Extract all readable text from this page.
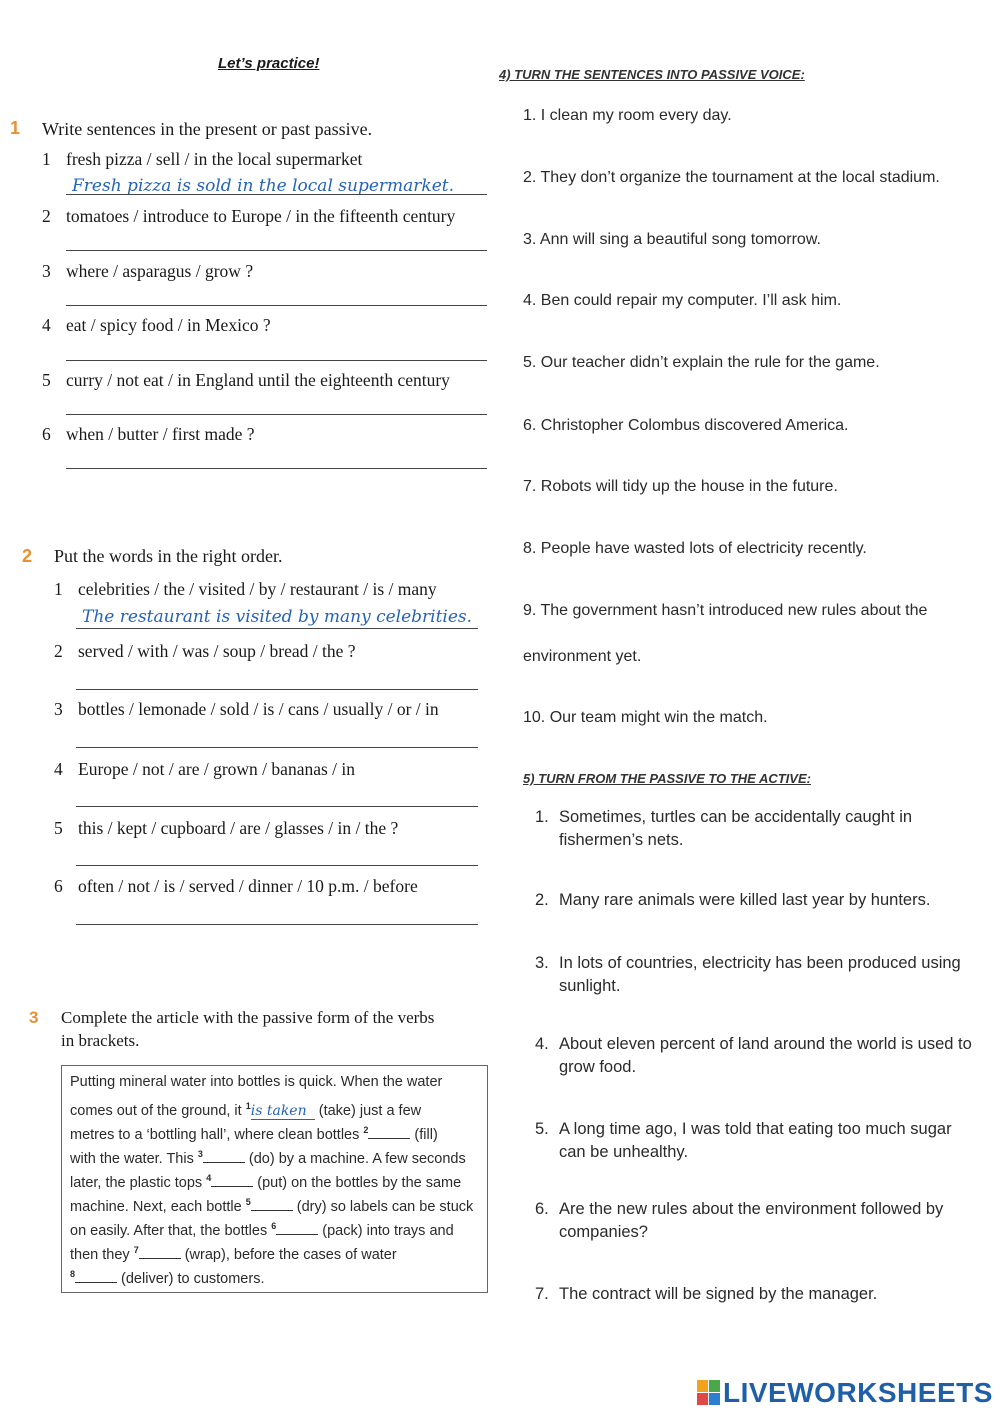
Let’s practice!
1 Write sentences in the present or past passive.
1 fresh pizza / sell / in the local supermarket
Fresh pizza is sold in the local supermarket.
2 tomatoes / introduce to Europe / in the fifteenth century
3 where / asparagus / grow ?
4 eat / spicy food / in Mexico ?
5 curry / not eat / in England until the eighteenth century
6 when / butter / first made ?
2 Put the words in the right order.
1 celebrities / the / visited / by / restaurant / is / many
The restaurant is visited by many celebrities.
2 served / with / was / soup / bread / the ?
3 bottles / lemonade / sold / is / cans / usually / or / in
4 Europe / not / are / grown / bananas / in
5 this / kept / cupboard / are / glasses / in / the ?
6 often / not / is / served / dinner / 10 p.m. / before
3 Complete the article with the passive form of the verbs
in brackets.
Putting mineral water into bottles is quick. When the water
comes out of the ground, it $^1$is taken (take) just a few
metres to a ‘bottling hall’, where clean bottles $^2$	(fill)
with the water. This $^3$	(do) by a machine. A few seconds
later, the plastic tops $^4$	(put) on the bottles by the same
machine. Next, each bottle $^5$	(dry) so labels can be stuck
on easily. After that, the bottles $^6$	(pack) into trays and
then they $^7$	(wrap), before the cases of water
$^8$	(deliver) to customers.
4) TURN THE SENTENCES INTO PASSIVE VOICE:
1. I clean my room every day.
2. They don’t organize the tournament at the local stadium.
3. Ann will sing a beautiful song tomorrow.
4. Ben could repair my computer. I’ll ask him.
5. Our teacher didn’t explain the rule for the game.
6. Christopher Colombus discovered America.
7. Robots will tidy up the house in the future.
8. People have wasted lots of electricity recently.
9. The government hasn’t introduced new rules about the
environment yet.
10. Our team might win the match.
5) TURN FROM THE PASSIVE TO THE ACTIVE:
1. Sometimes, turtles can be accidentally caught in fishermen’s nets.
2. Many rare animals were killed last year by hunters.
3. In lots of countries, electricity has been produced using sunlight.
4. About eleven percent of land around the world is used to grow food.
5. A long time ago, I was told that eating too much sugar can be unhealthy.
6. Are the new rules about the environment followed by companies?
7. The contract will be signed by the manager.
LIVEWORKSHEETS
